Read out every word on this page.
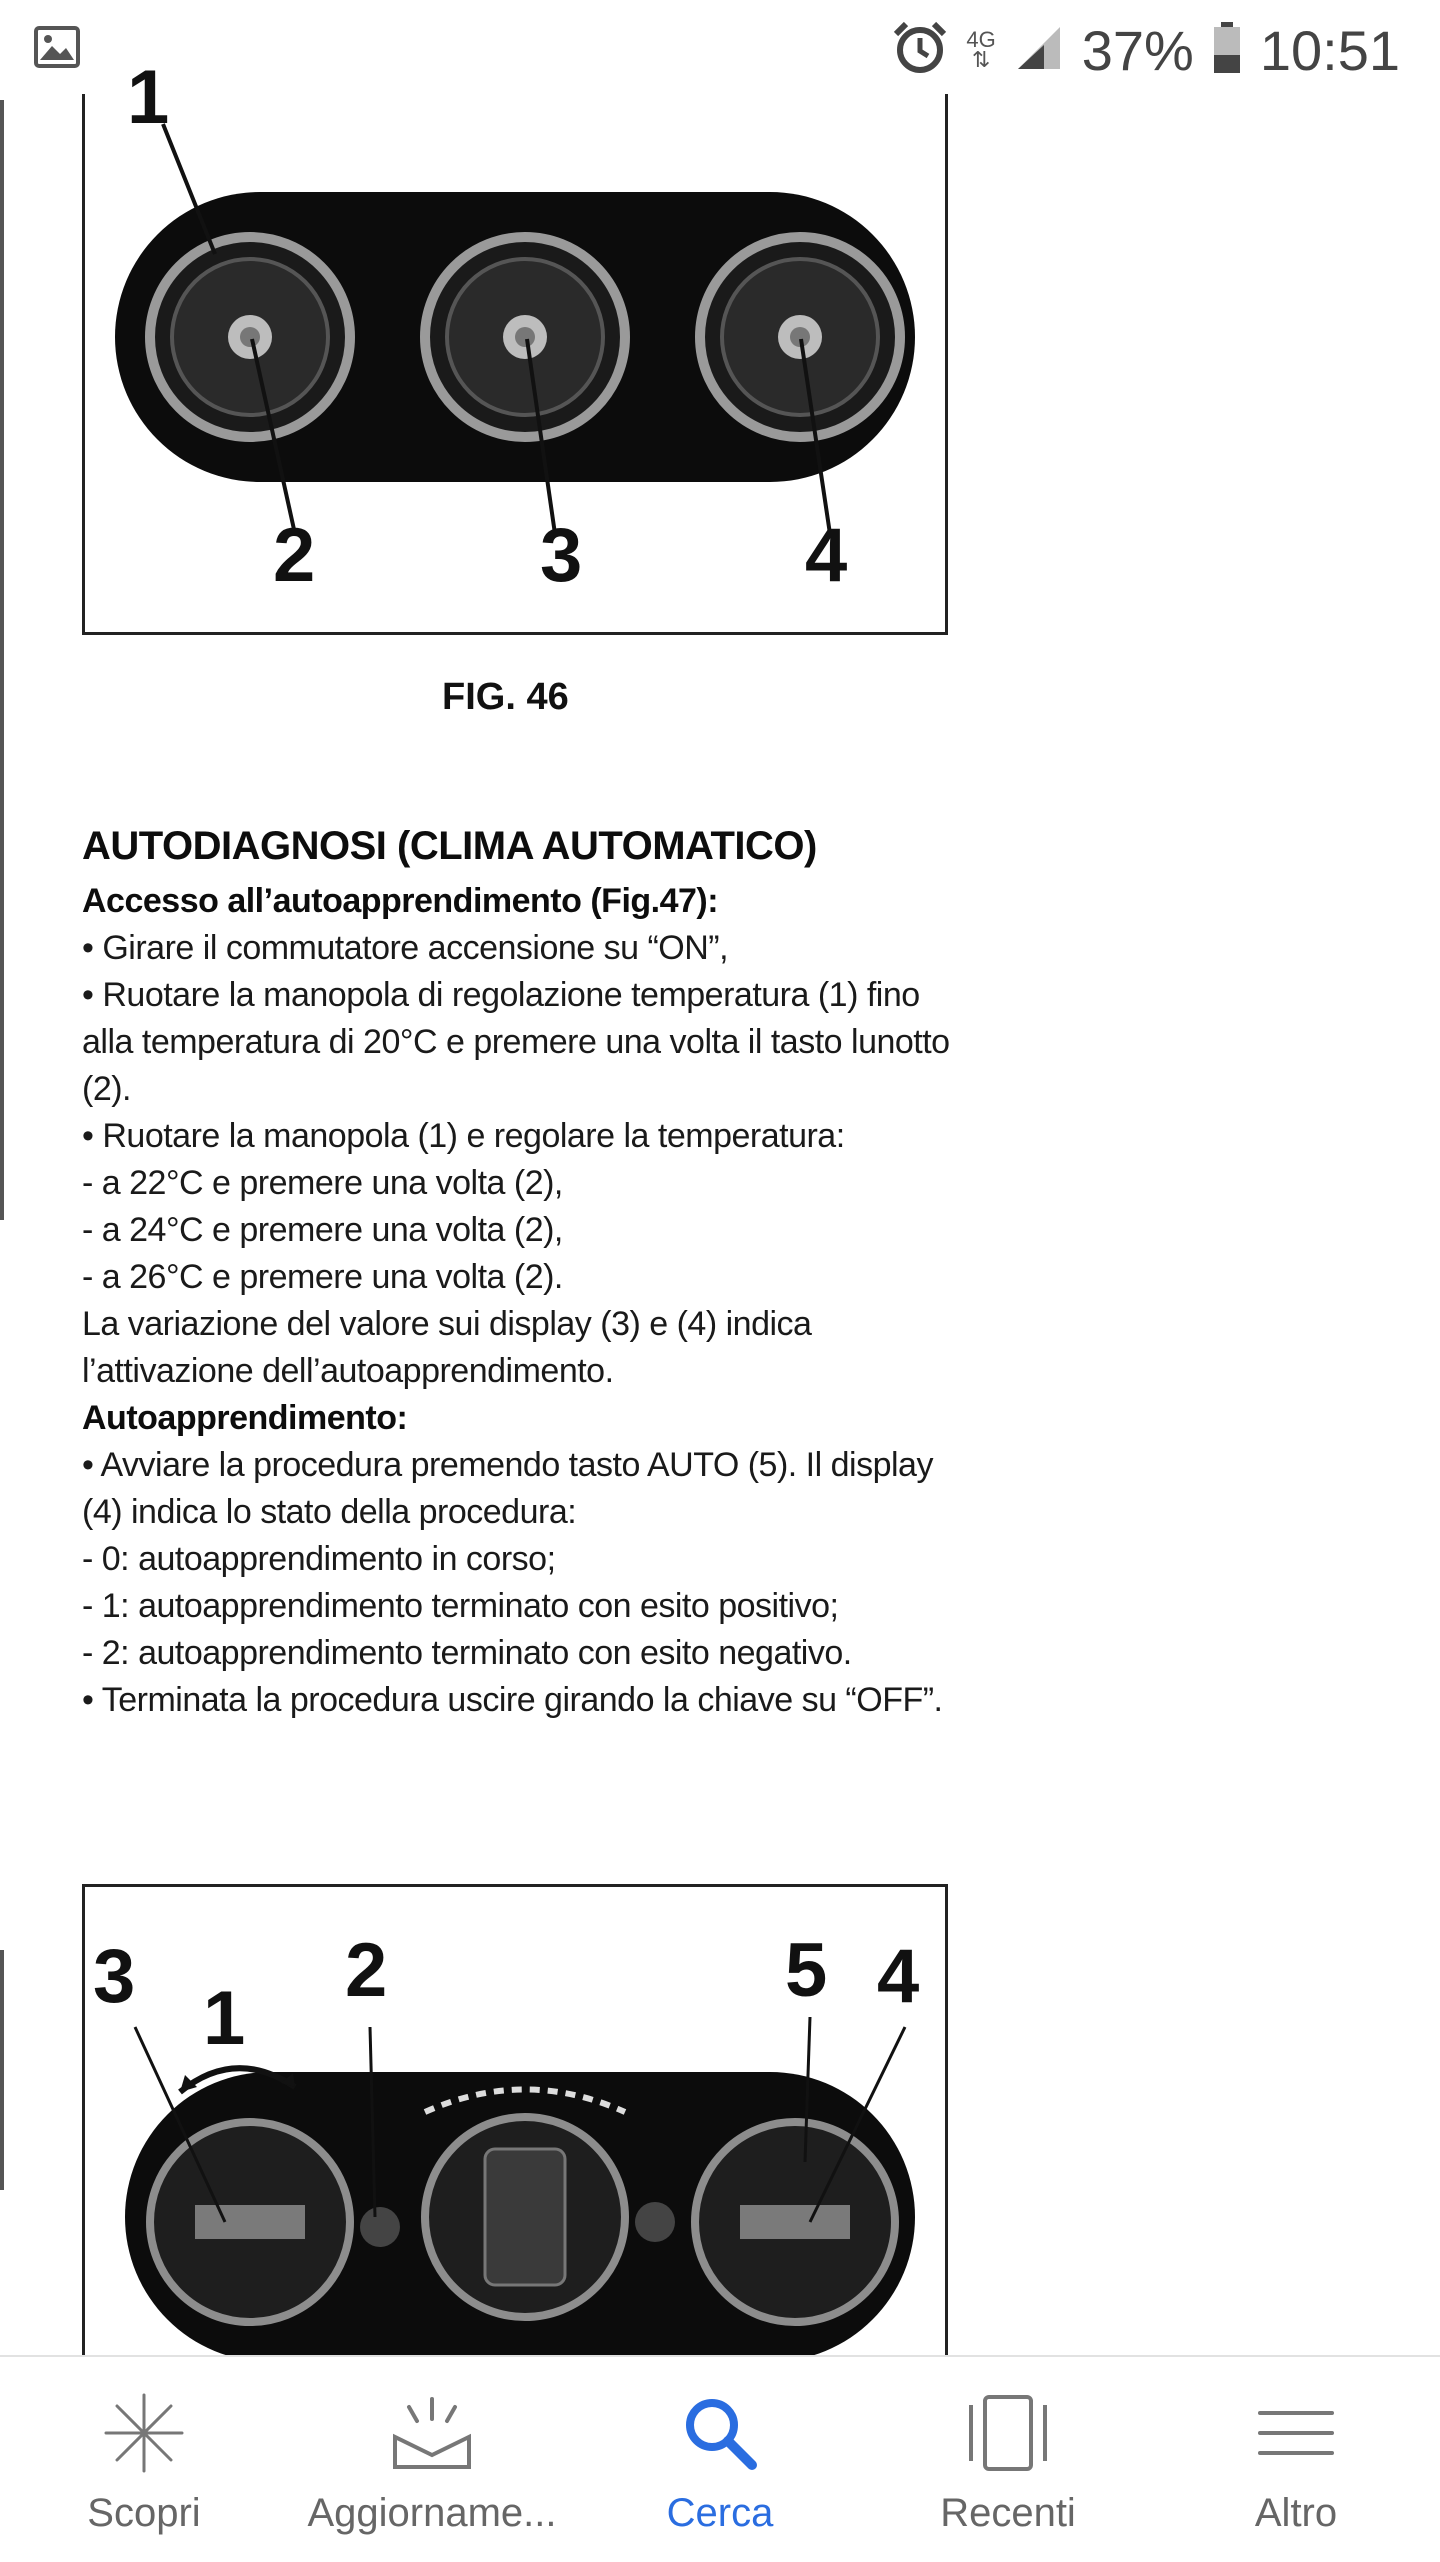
4G
⇅ 37% 10:51
1
2	3	4
FIG. 46
AUTODIAGNOSI (CLIMA AUTOMATICO)

Accesso all’autoapprendimento (Fig.47):

• Girare il commutatore accensione su “ON”,

• Ruotare la manopola di regolazione temperatura (1) fino alla temperatura di 20°C e premere una volta il tasto lunotto (2).

• Ruotare la manopola (1) e regolare la temperatura:

- a 22°C e premere una volta (2),

- a 24°C e premere una volta (2),

- a 26°C e premere una volta (2).

La variazione del valore sui display (3) e (4) indica l’attivazione dell’autoapprendimento.

Autoapprendimento:

• Avviare la procedura premendo tasto AUTO (5). Il display (4) indica lo stato della procedura:

- 0: autoapprendimento in corso;

- 1: autoapprendimento terminato con esito positivo;

- 2: autoapprendimento terminato con esito negativo.

• Terminata la procedura uscire girando la chiave su “OFF”.

3 1
2	5 4
Scopri	Aggiorname...	Cerca	Recenti	Altro
